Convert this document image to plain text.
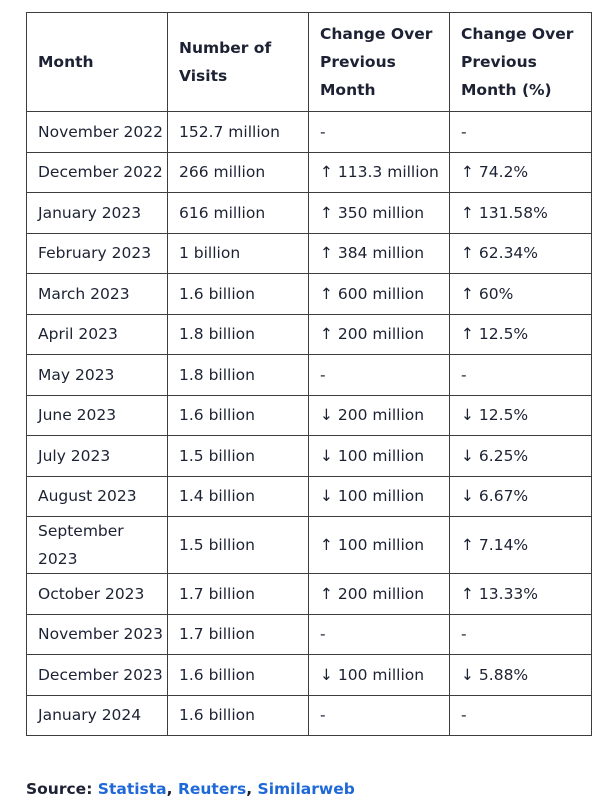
Month	Number of Visits	Change Over Previous Month	Change Over Previous Month (%)
November 2022	152.7 million	-	-
December 2022	266 million	↑ 113.3 million	↑ 74.2%
January 2023	616 million	↑ 350 million	↑ 131.58%
February 2023	1 billion	↑ 384 million	↑ 62.34%
March 2023	1.6 billion	↑ 600 million	↑ 60%
April 2023	1.8 billion	↑ 200 million	↑ 12.5%
May 2023	1.8 billion	-	-
June 2023	1.6 billion	↓ 200 million	↓ 12.5%
July 2023	1.5 billion	↓ 100 million	↓ 6.25%
August 2023	1.4 billion	↓ 100 million	↓ 6.67%
September 2023	1.5 billion	↑ 100 million	↑ 7.14%
October 2023	1.7 billion	↑ 200 million	↑ 13.33%
November 2023	1.7 billion	-	-
December 2023	1.6 billion	↓ 100 million	↓ 5.88%
January 2024	1.6 billion	-	-
Source: Statista, Reuters, Similarweb
